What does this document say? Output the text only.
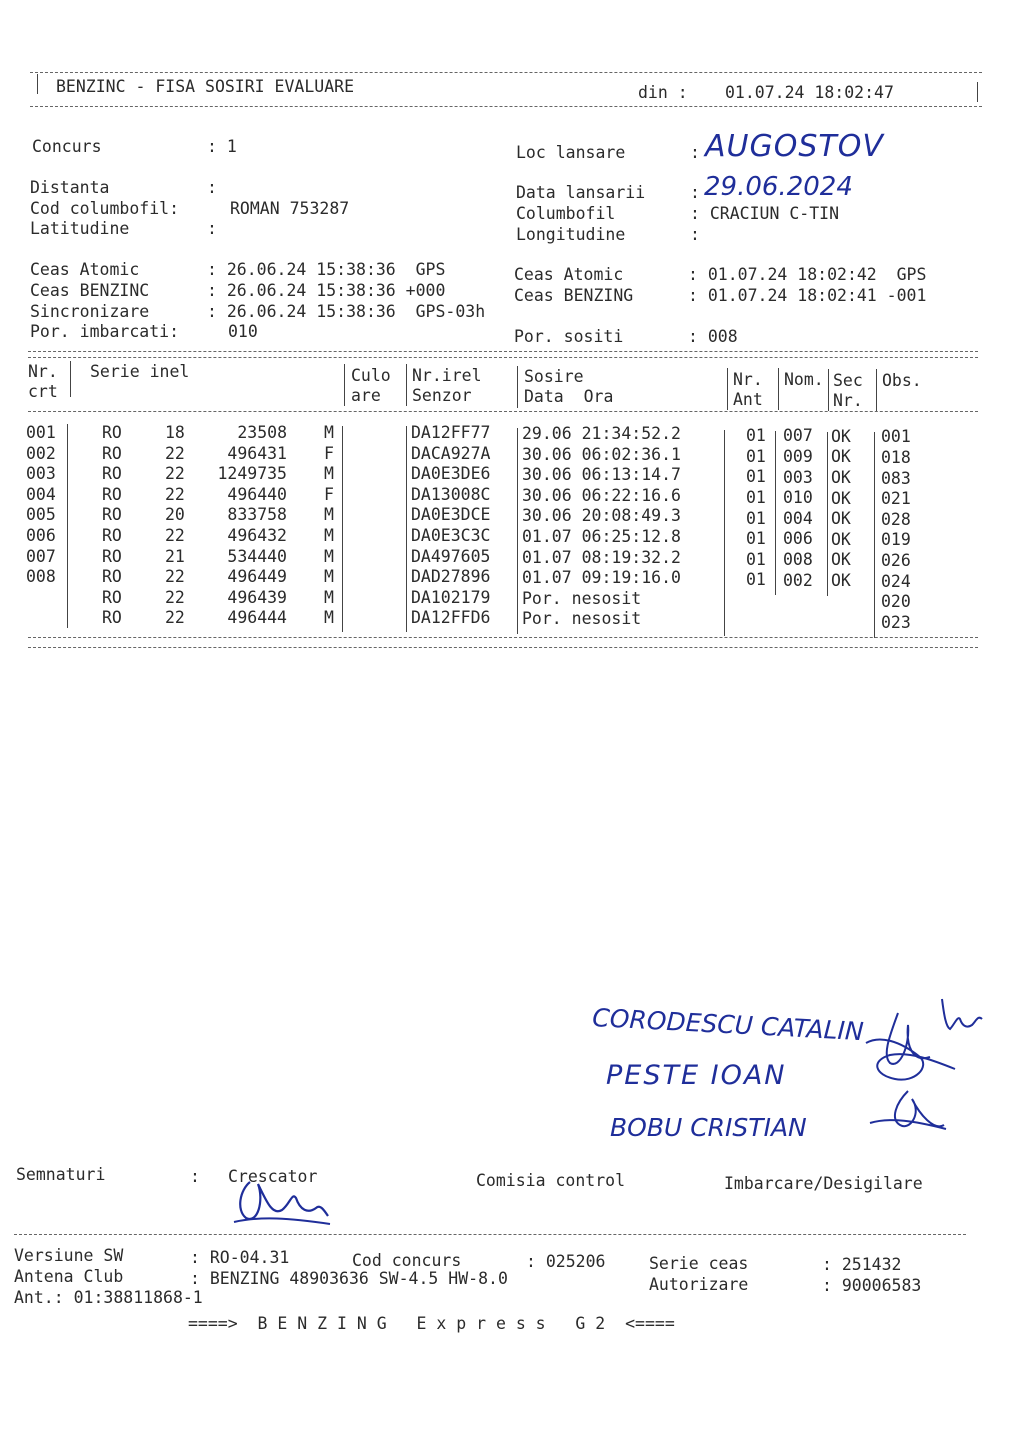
BENZINC - FISA SOSIRI EVALUARE	din : 01.07.24 18:02:47
Concurs	: 1
Distanta	:
Cod columbofil:	ROMAN 753287
Latitudine	:
Loc lansare	: AUGOSTOV
Data lansarii	: 29.06.2024
Columbofil	: CRACIUN C-TIN
Longitudine	:
Ceas Atomic	: 26.06.24 15:38:36  GPS
Ceas BENZINC	: 26.06.24 15:38:36 +000
Sincronizare	: 26.06.24 15:38:36  GPS-03h
Por. imbarcati:	010
Ceas Atomic	: 01.07.24 18:02:42  GPS
Ceas BENZING	: 01.07.24 18:02:41 -001
Por. sositi	: 008
Nr.
crt
Serie inel	Culo
are
Nr.irel
Senzor
Sosire
Data  Ora
Nr.
Ant
Nom. Sec
Nr.
Obs.
001	RO	18	23508 M	DA12FF77 29.06 21:34:52.2	01 007 OK 001
002	RO	22	496431 F	DACA927A 30.06 06:02:36.1	01 009 OK 018
003	RO	22 1249735 M	DA0E3DE6 30.06 06:13:14.7	01 003 OK 083
004	RO	22	496440 F	DA13008C 30.06 06:22:16.6	01 010 OK 021
005	RO	20	833758 M	DA0E3DCE 30.06 20:08:49.3	01 004 OK 028
006	RO	22	496432 M	DA0E3C3C 01.07 06:25:12.8	01 006 OK 019
007	RO	21	534440 M	DA497605 01.07 08:19:32.2	01 008 OK 026
008	RO	22	496449 M	DAD27896 01.07 09:19:16.0	01 002 OK 024
RO	22	496439 M	DA102179 Por. nesosit	020
RO	22	496444 M	DA12FFD6 Por. nesosit	023
CORODESCU CATALIN
PESTE IOAN
BOBU CRISTIAN
Semnaturi	: Crescator	Comisia control	Imbarcare/Desigilare
Versiune SW	: RO-04.31	Cod concurs	: 025206	Serie ceas	: 251432
Antena Club	: BENZING 48903636 SW-4.5 HW-8.0	Autorizare	: 90006583
Ant.: 01:38811868-1
====>  B E N Z I N G   E x p r e s s   G 2  <====
